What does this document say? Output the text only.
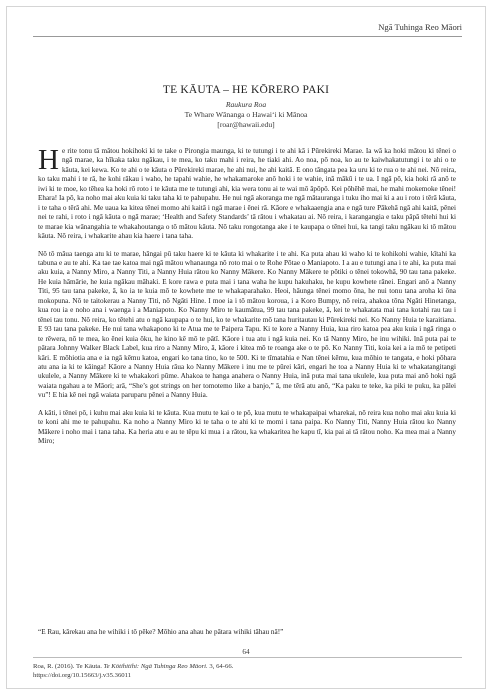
Ngā Tuhinga Reo Māori
TE KĀUTA – HE KŌRERO PAKI
Raukura Roa
Te Whare Wānanga o Hawaiʻi ki Mānoa
[roar@hawaii.edu]

He rite tonu tā mātou hokihoki ki te take o Pirongia maunga, ki te tutungi i te ahi kā i Pūrekireki Marae. Ia wā ka hoki mātou ki tēnei o ngā marae, ka hīkaka taku ngākau, i te mea, ko taku mahi i reira, he tiaki ahi. Ao noa, pō noa, ko au te kaiwhakatutungi i te ahi o te kāuta, kei kewa. Ko te ahi o te kāuta o Pūrekireki marae, he ahi nui, he ahi kaitā. E ono tāngata pea ka uru ki te rua o te ahi nei. Nō reira, ko taku mahi i te rā, he kohi rākau i waho, he tapahi wahie, he whakamaroke anō hoki i te wahie, inā mākū i te ua. I ngā pō, kia hoki rā anō te iwi ki te moe, ko tēhea ka hoki rō roto i te kāuta me te tutungi ahi, kia wera tonu ai te wai mō āpōpō. Kei pōhēhē mai, he mahi mokemoke tēnei! Ehara! Ia pō, ka noho mai aku kuia ki taku taha ki te pahupahu. He nui ngā akoranga me ngā mātauranga i tuku iho mai ki a au i roto i tērā kāuta, i te taha o tērā ahi. Me uaua ka kitea tēnei momo ahi kaitā i ngā marae i ēnei rā. Kāore e whakaaengia ana e ngā ture Pākehā ngā ahi kaitā, pēnei nei te rahi, i roto i ngā kāuta o ngā marae; ‘Health and Safety Standards’ tā rātou i whakatau ai. Nō reira, i karangangia e taku pāpā tētehi hui ki te marae kia wānangahia te whakahoutanga o tō mātou kāuta. Nō taku rongotanga ake i te kaupapa o tēnei hui, ka tangi taku ngākau ki tō mātou kāuta. Nō reira, i whakarite ahau kia haere i tana taha.

Nō tō māua taenga atu ki te marae, hāngai pū taku haere ki te kāuta ki whakarite i te ahi. Ka puta ahau ki waho ki te kohikohi wahie, kītahi ka tabuna e au te ahi. Ka tae tae katoa mai ngā mātou whanaunga nō roto mai o te Rohe Pōtae o Maniapoto. I a au e tutungi ana i te ahi, ka puta mai aku kuia, a Nanny Miro, a Nanny Titi, a Nanny Huia rātou ko Nanny Mākere. Ko Nanny Mākere te pōtiki o tēnei tokowhā, 90 tau tana pakeke. He kuia hāmārie, he kuia ngākau māhaki. E kore rawa e puta mai i tana waha he kupu hakuhaku, he kupu kowhete rānei. Engari anō a Nanny Titi, 95 tau tana pakeke, ā, ko ia te kuia mō te kowhete me te whakaparahako. Heoi, hāunga tēnei momo ōna, he nui tonu tana aroha ki ōna mokopuna. Nō te taitokerau a Nanny Titi, nō Ngāti Hine. I moe ia i tō mātou koroua, i a Koro Bumpy, nō reira, ahakoa tōna Ngāti Hinetanga, kua rou ia e noho ana i waenga i a Maniapoto. Ko Nanny Miro te kaumātua, 99 tau tana pakeke, ā, kei te whakatata mai tana kotahi rau tau i tēnei tau tonu. Nō reira, ko tētehi atu o ngā kaupapa o te hui, ko te whakarite mō tana huritautau ki Pūrekireki nei. Ko Nanny Huia te karaitiana. E 93 tau tana pakeke. He nui tana whakapono ki te Atua me te Paipera Tapu. Ki te kore a Nanny Huia, kua riro katoa pea aku kuia i ngā ringa o te rēwera, nō te mea, ko ēnei kuia ōku, he kino kē mō te pātī. Kāore i tua atu i ngā kuia nei. Ko tā Nanny Miro, he inu wihiki. Inā puta pai te pātara Johnny Walker Black Label, kua riro a Nanny Miro, ā, kāore i kitea mō te roanga ake o te pō. Ko Nanny Titi, koia kei a ia mō te petipeti kāri. E mōhiotia ana e ia ngā kēmu katoa, engari ko tana tino, ko te 500. Ki te tīmatahia e Nan tēnei kēmu, kua mōhio te tangata, e hoki pōhara atu ana ia ki te kāinga! Kāore a Nanny Huia rāua ko Nanny Mākere i inu me te pūrei kāri, engari he toa a Nanny Huia ki te whakatangitangi ukulele, a Nanny Mākere ki te whakakori pūme. Ahakoa te hanga anahera o Nanny Huia, inā puta mai tana ukulele, kua puta mai anō hoki ngā waiata ngahau a te Māori; arā, “She’s got strings on her tomotemo like a banjo,” ā, me tērā atu anō, “Ka paku te teke, ka piki te puku, ka pālei vu”! E hia kē nei ngā waiata paruparu pēnei a Nanny Huia.

A kāti, i tēnei pō, i kuhu mai aku kuia ki te kāuta. Kua mutu te kai o te pō, kua mutu te whakapaipai wharekai, nō reira kua noho mai aku kuia ki te koni ahi me te pahupahu. Ka noho a Nanny Miro ki te taha o te ahi ki te momi i tana paipa. Ko Nanny Titi, Nanny Huia rātou ko Nanny Mākere i noho mai i tana taha. Ka heria atu e au te tēpu ki mua i a rātou, ka whakaritea he kapu tī, kia pai ai tā rātou noho. Ka mea mai a Nanny Miro;

“E Rau, kārekau ana he wihiki i tō pēke? Mōhio ana ahau he pātara wihiki tāhau nā!”
64
Roa, R. (2016). Te Kāuta. Te Kōtihitihi: Ngā Tuhinga Reo Māori. 3, 64-66.
https://doi.org/10.15663/j.v35.36011
